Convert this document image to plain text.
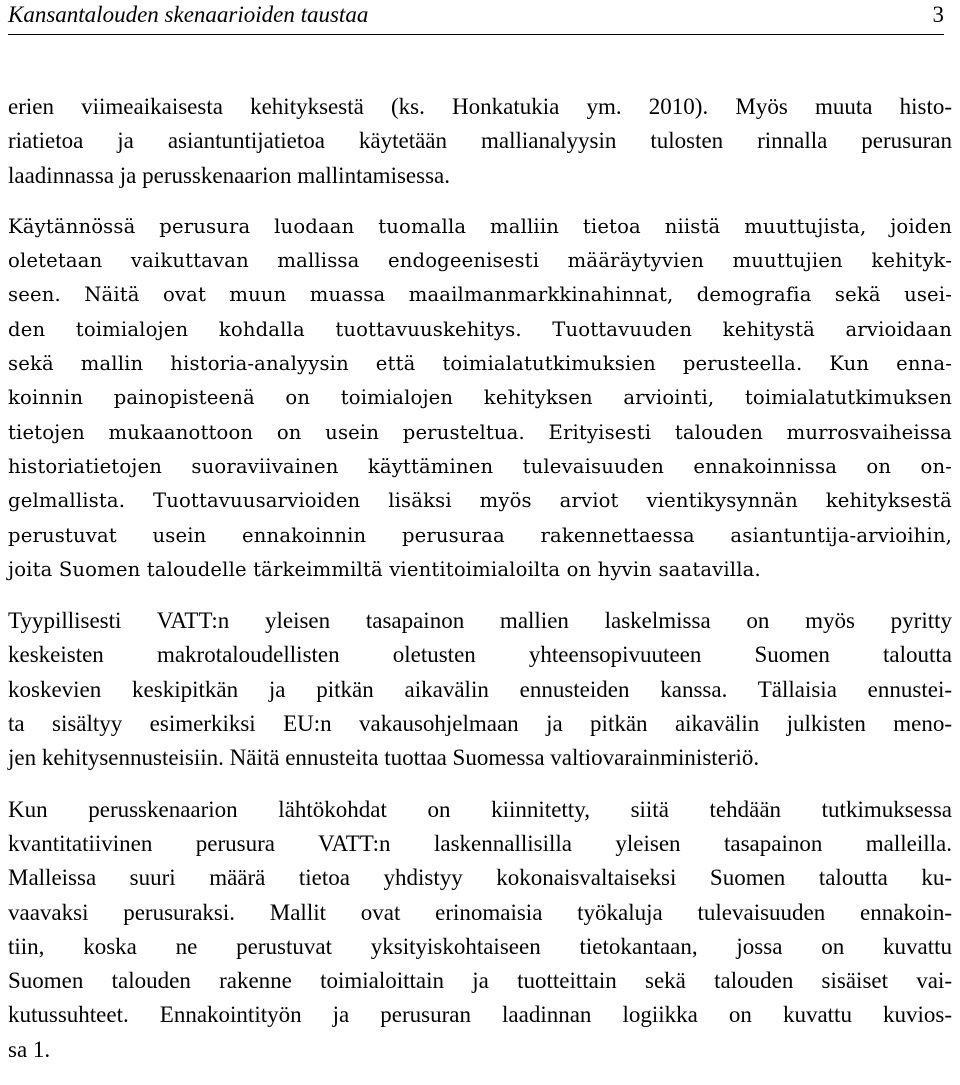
Kansantalouden skenaarioiden taustaa	3
erien viimeaikaisesta kehityksestä (ks. Honkatukia ym. 2010). Myös muuta histo-
riatietoa ja asiantuntijatietoa käytetään mallianalyysin tulosten rinnalla perusuran
laadinnassa ja perusskenaarion mallintamisessa.
Käytännössä perusura luodaan tuomalla malliin tietoa niistä muuttujista, joiden
oletetaan vaikuttavan mallissa endogeenisesti määräytyvien muuttujien kehityk-
seen. Näitä ovat muun muassa maailmanmarkkinahinnat, demografia sekä usei-
den toimialojen kohdalla tuottavuuskehitys. Tuottavuuden kehitystä arvioidaan
sekä mallin historia-analyysin että toimialatutkimuksien perusteella. Kun enna-
koinnin painopisteenä on toimialojen kehityksen arviointi, toimialatutkimuksen
tietojen mukaanottoon on usein perusteltua. Erityisesti talouden murrosvaiheissa
historiatietojen suoraviivainen käyttäminen tulevaisuuden ennakoinnissa on on-
gelmallista. Tuottavuusarvioiden lisäksi myös arviot vientikysynnän kehityksestä
perustuvat usein ennakoinnin perusuraa rakennettaessa asiantuntija-arvioihin,
joita Suomen taloudelle tärkeimmiltä vientitoimialoilta on hyvin saatavilla.
Tyypillisesti VATT:n yleisen tasapainon mallien laskelmissa on myös pyritty
keskeisten makrotaloudellisten oletusten yhteensopivuuteen Suomen taloutta
koskevien keskipitkän ja pitkän aikavälin ennusteiden kanssa. Tällaisia ennustei-
ta sisältyy esimerkiksi EU:n vakausohjelmaan ja pitkän aikavälin julkisten meno-
jen kehitysennusteisiin. Näitä ennusteita tuottaa Suomessa valtiovarainministeriö.
Kun perusskenaarion lähtökohdat on kiinnitetty, siitä tehdään tutkimuksessa
kvantitatiivinen perusura VATT:n laskennallisilla yleisen tasapainon malleilla.
Malleissa suuri määrä tietoa yhdistyy kokonaisvaltaiseksi Suomen taloutta ku-
vaavaksi perusuraksi. Mallit ovat erinomaisia työkaluja tulevaisuuden ennakoin-
tiin, koska ne perustuvat yksityiskohtaiseen tietokantaan, jossa on kuvattu
Suomen talouden rakenne toimialoittain ja tuotteittain sekä talouden sisäiset vai-
kutussuhteet. Ennakointityön ja perusuran laadinnan logiikka on kuvattu kuvios-
sa 1.
